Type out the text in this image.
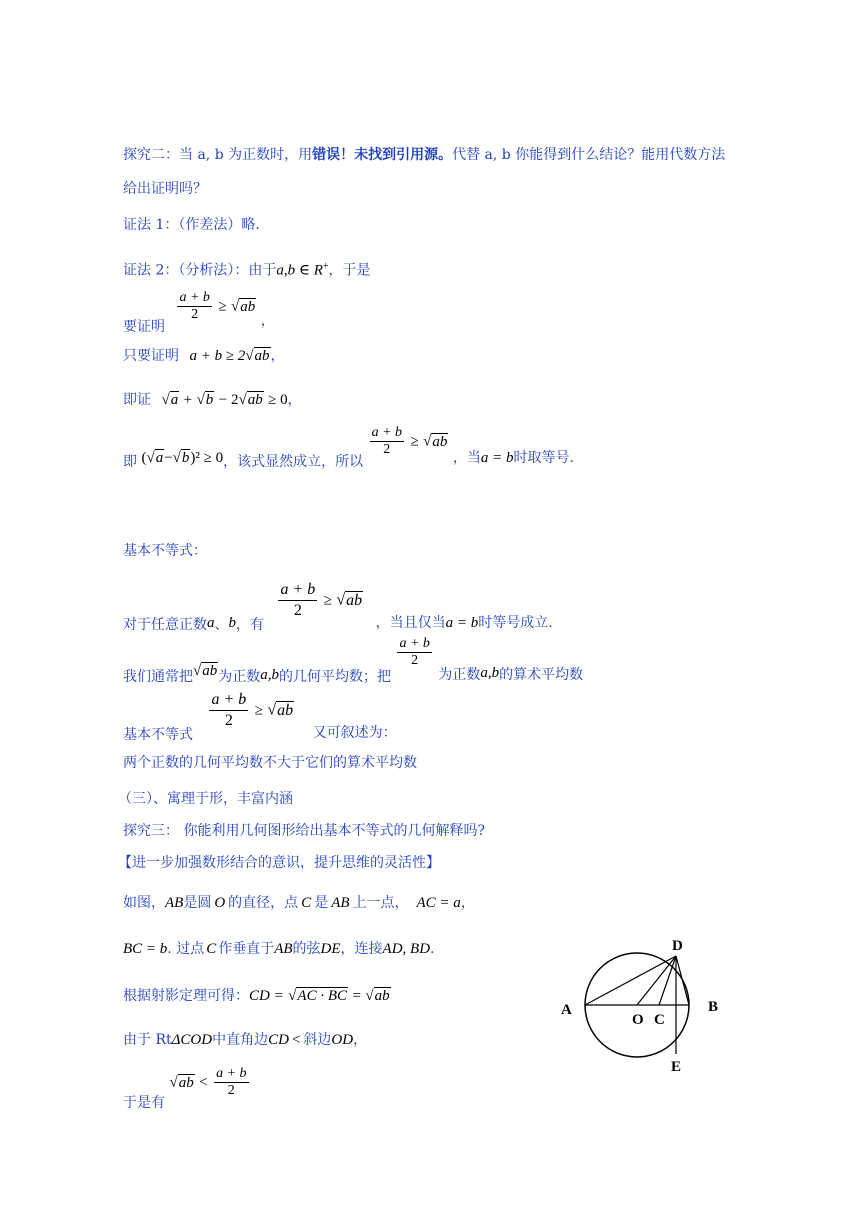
探究二：当 a, b 为正数时，用错误！未找到引用源。代替 a, b 你能得到什么结论？能用代数方法
给出证明吗？
证法 1：（作差法）略.
证法 2：（分析法）：由于a,b ∈ R+，于是
要证明
$\frac{a + b}{2} \ge √ab$ ，
只要证明 a + b ≥ 2√ab，
即证 √a + √b − 2√ab ≥ 0，
即 (√a−√b)² ≥ 0，该式显然成立，所以
$\frac{a + b}{2} \ge √ab$ ，当a = b时取等号.
基本不等式：
对于任意正数a、b，有
$\frac{a + b}{2} \ge √ab$ ，当且仅当a = b时等号成立.
我们通常把√ab为正数a,b的几何平均数；把
$\frac{a + b}{2}$
为正数a,b的算术平均数
基本不等式
$\frac{a + b}{2} \ge √ab$ 又可叙述为：
两个正数的几何平均数不大于它们的算术平均数
（三）、寓理于形，丰富内涵
探究三： 你能利用几何图形给出基本不等式的几何解释吗?
【进一步加强数形结合的意识，提升思维的灵活性】
如图，AB是圆 O 的直径，点 C 是 AB 上一点， AC = a，
BC = b. 过点 C 作垂直于AB的弦DE，连接AD, BD.
根据射影定理可得：CD = √AC · BC = √ab
由于 RtΔCOD中直角边CD < 斜边OD，
于是有 $√ab < \frac{a + b}{2}$
D
A
O C
B
E
